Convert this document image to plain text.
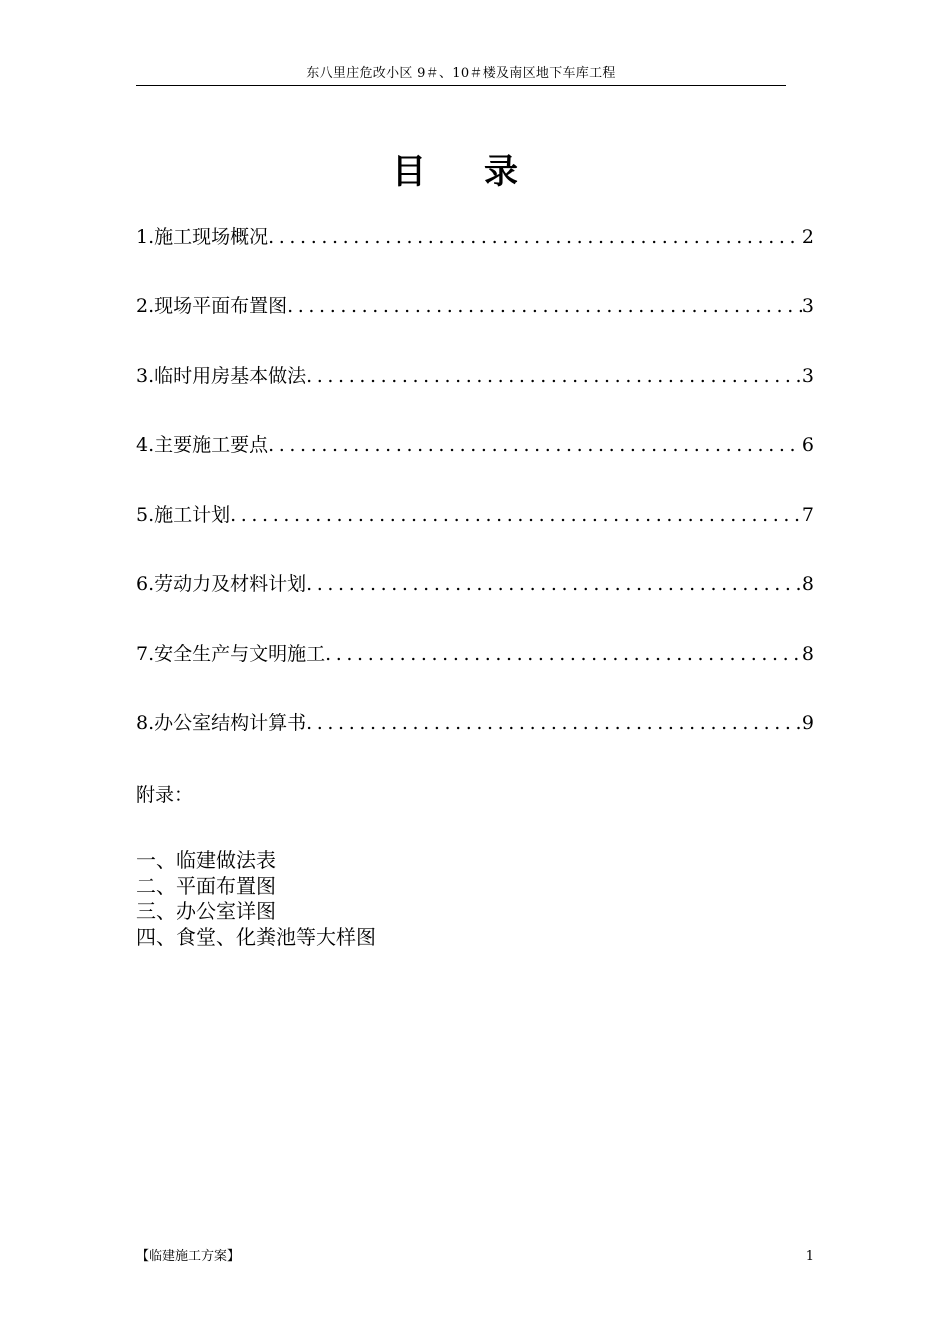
东八里庄危改小区 9＃、10＃楼及南区地下车库工程
目录
1.施工现场概况 .....	2
2.现场平面布置图 .....	3
3.临时用房基本做法 .....	3
4.主要施工要点 .....	6
5.施工计划 .....	7
6.劳动力及材料计划 .....	8
7.安全生产与文明施工 .....	8
8.办公室结构计算书 .....	9
附录：
一、临建做法表
二、平面布置图
三、办公室详图
四、食堂、化粪池等大样图
【临建施工方案】	1
